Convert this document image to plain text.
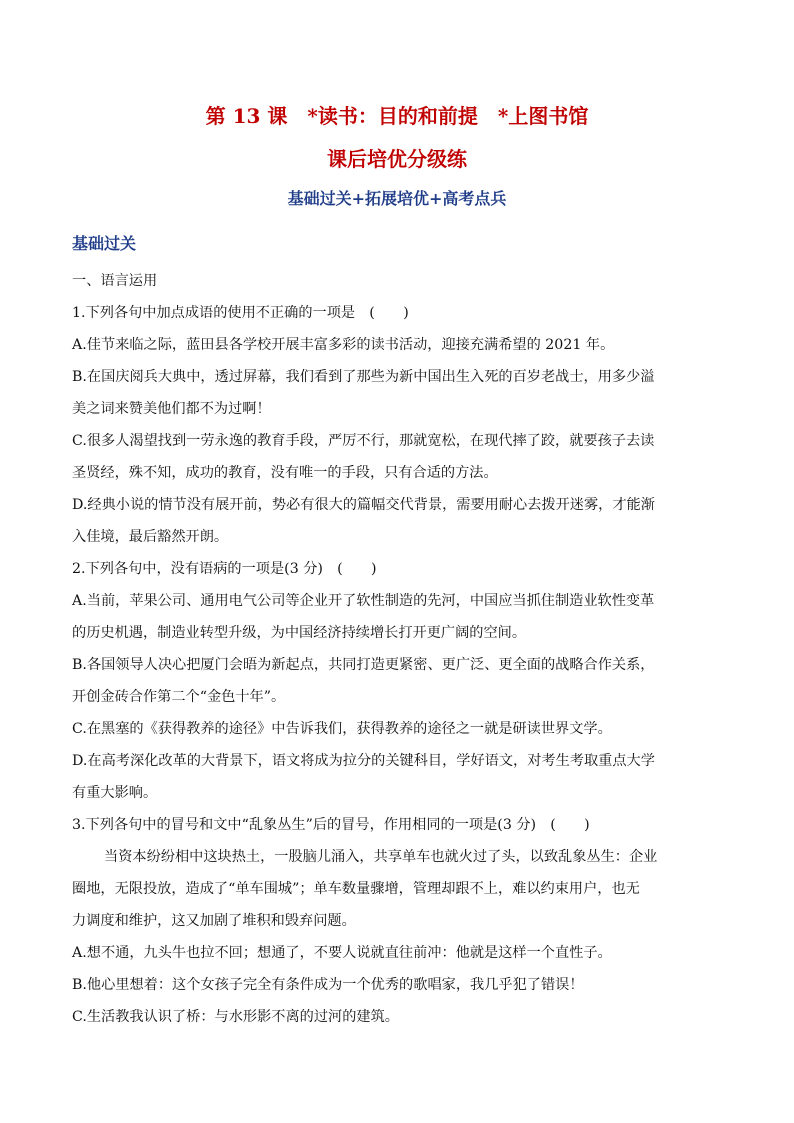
第 13 课　*读书：目的和前提　*上图书馆
课后培优分级练
基础过关+拓展培优+高考点兵
基础过关
一、语言运用
1.下列各句中加点成语的使用不正确的一项是　(　　)
A.佳节来临之际，蓝田县各学校开展丰富多彩的读书活动，迎接充满希望的 2021 年。
B.在国庆阅兵大典中，透过屏幕，我们看到了那些为新中国出生入死的百岁老战士，用多少溢
美之词来赞美他们都不为过啊！
C.很多人渴望找到一劳永逸的教育手段，严厉不行，那就宽松，在现代摔了跤，就要孩子去读
圣贤经，殊不知，成功的教育，没有唯一的手段，只有合适的方法。
D.经典小说的情节没有展开前，势必有很大的篇幅交代背景，需要用耐心去拨开迷雾，才能渐
入佳境，最后豁然开朗。
2.下列各句中，没有语病的一项是(3 分)　(　　)
A.当前，苹果公司、通用电气公司等企业开了软性制造的先河，中国应当抓住制造业软性变革
的历史机遇，制造业转型升级，为中国经济持续增长打开更广阔的空间。
B.各国领导人决心把厦门会晤为新起点，共同打造更紧密、更广泛、更全面的战略合作关系，
开创金砖合作第二个“金色十年”。
C.在黑塞的《获得教养的途径》中告诉我们，获得教养的途径之一就是研读世界文学。
D.在高考深化改革的大背景下，语文将成为拉分的关键科目，学好语文，对考生考取重点大学
有重大影响。
3.下列各句中的冒号和文中“乱象丛生”后的冒号，作用相同的一项是(3 分)　(　　)
当资本纷纷相中这块热土，一股脑儿涌入，共享单车也就火过了头，以致乱象丛生：企业
圈地，无限投放，造成了“单车围城”；单车数量骤增，管理却跟不上，难以约束用户，也无
力调度和维护，这又加剧了堆积和毁弃问题。
A.想不通，九头牛也拉不回；想通了，不要人说就直往前冲：他就是这样一个直性子。
B.他心里想着：这个女孩子完全有条件成为一个优秀的歌唱家，我几乎犯了错误！
C.生活教我认识了桥：与水形影不离的过河的建筑。
